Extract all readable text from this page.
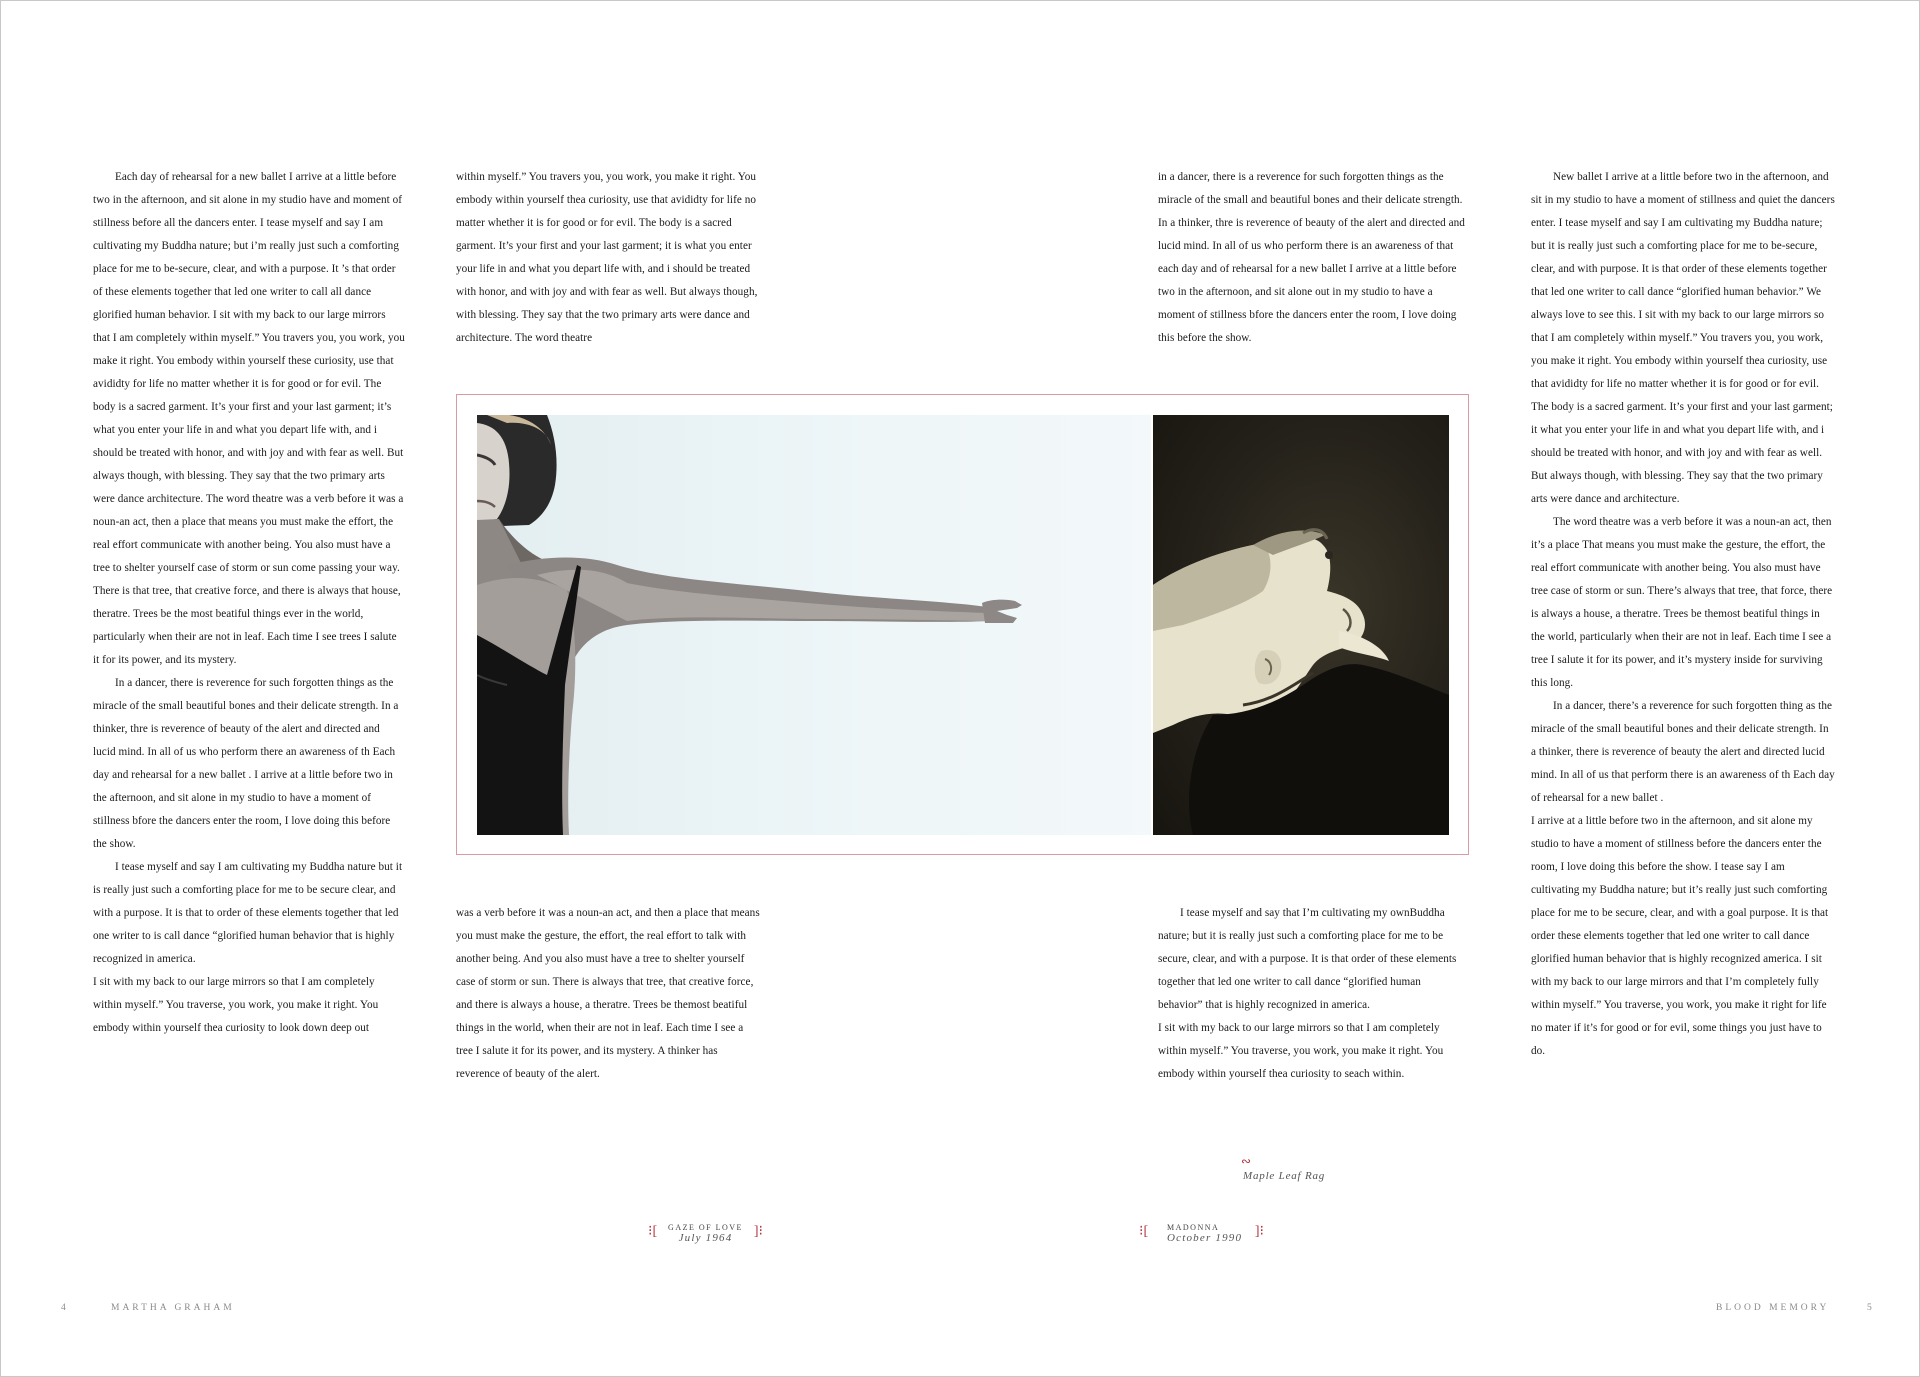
Each day of rehearsal for a new ballet I arrive at a little before two in the afternoon, and sit alone in my studio have and moment of stillness before all the dancers enter. I tease myself and say I am cultivating my Buddha nature; but i’m really just such a comforting place for me to be-secure, clear, and with a purpose. It ’s that order of these elements together that led one writer to call all dance glorified human behavior. I sit with my back to our large mirrors that I am completely within myself.” You travers you, you work, you make it right. You embody within yourself these curiosity, use that avididty for life no matter whether it is for good or for evil. The body is a sacred garment. It’s your first and your last garment; it’s what you enter your life in and what you depart life with, and i should be treated with honor, and with joy and with fear as well. But always though, with blessing. They say that the two primary arts were dance architecture. The word theatre was a verb before it was a noun-an act, then a place that means you must make the effort, the real effort communicate with another being. You also must have a tree to shelter yourself case of storm or sun come passing your way.

There is that tree, that creative force, and there is always that house, theratre. Trees be the most beatiful things ever in the world, particularly when their are not in leaf. Each time I see trees I salute it for its power, and its mystery.

In a dancer, there is reverence for such forgotten things as the miracle of the small beautiful bones and their delicate strength. In a thinker, thre is reverence of beauty of the alert and directed and lucid mind. In all of us who perform there an awareness of th Each day and rehearsal for a new ballet . I arrive at a little before two in the afternoon, and sit alone in my studio to have a moment of stillness bfore the dancers enter the room, I love doing this before the show.

I tease myself and say I am cultivating my Buddha nature but it is really just such a comforting place for me to be secure clear, and with a purpose. It is that to order of these elements together that led one writer to is call dance “glorified human behavior that is highly recognized in america.

I sit with my back to our large mirrors so that I am completely within myself.” You traverse, you work, you make it right. You embody within yourself thea curiosity to look down deep out

within myself.” You travers you, you work, you make it right. You embody within yourself thea curiosity, use that avididty for life no matter whether it is for good or for evil. The body is a sacred garment. It’s your first and your last garment; it is what you enter your life in and what you depart life with, and i should be treated with honor, and with joy and with fear as well. But always though, with blessing. They say that the two primary arts were dance and architecture. The word theatre

was a verb before it was a noun-an act, and then a place that means you must make the gesture, the effort, the real effort to talk with another being. And you also must have a tree to shelter yourself case of storm or sun. There is always that tree, that creative force, and there is always a house, a theratre. Trees be themost beatiful things in the world, when their are not in leaf. Each time I see a tree I salute it for its power, and its mystery. A thinker has reverence of beauty of the alert.

in a dancer, there is a reverence for such forgotten things as the miracle of the small and beautiful bones and their delicate strength. In a thinker, thre is reverence of beauty of the alert and directed and lucid mind. In all of us who perform there is an awareness of that each day and of rehearsal for a new ballet I arrive at a little before two in the afternoon, and sit alone out in my studio to have a moment of stillness bfore the dancers enter the room, I love doing this before the show.

I tease myself and say that I’m cultivating my ownBuddha nature; but it is really just such a comforting place for me to be secure, clear, and with a purpose. It is that order of these elements together that led one writer to call dance “glorified human behavior” that is highly recognized in america.

I sit with my back to our large mirrors so that I am completely within myself.” You traverse, you work, you make it right. You embody within yourself thea curiosity to seach within.

New ballet I arrive at a little before two in the afternoon, and sit in my studio to have a moment of stillness and quiet the dancers enter. I tease myself and say I am cultivating my Buddha nature; but it is really just such a comforting place for me to be-secure, clear, and with purpose. It is that order of these elements together that led one writer to call dance “glorified human behavior.” We always love to see this. I sit with my back to our large mirrors so that I am completely within myself.” You travers you, you work, you make it right. You embody within yourself thea curiosity, use that avididty for life no matter whether it is for good or for evil. The body is a sacred garment. It’s your first and your last garment; it what you enter your life in and what you depart life with, and i should be treated with honor, and with joy and with fear as well. But always though, with blessing. They say that the two primary arts were dance and architecture.

The word theatre was a verb before it was a noun-an act, then it’s a place That means you must make the gesture, the effort, the real effort communicate with another being. You also must have tree case of storm or sun. There’s always that tree, that force, there is always a house, a theratre. Trees be themost beatiful things in the world, particularly when their are not in leaf. Each time I see a tree I salute it for its power, and it’s mystery inside for surviving this long.

In a dancer, there’s a reverence for such forgotten thing as the miracle of the small beautiful bones and their delicate strength. In a thinker, there is reverence of beauty the alert and directed lucid mind. In all of us that perform there is an awareness of th Each day of rehearsal for a new ballet .

I arrive at a little before two in the afternoon, and sit alone my studio to have a moment of stillness before the dancers enter the room, I love doing this before the show. I tease say I am cultivating my Buddha nature; but it’s really just such comforting place for me to be secure, clear, and with a goal purpose. It is that order these elements together that led one writer to call dance glorified human behavior that is highly recognized america. I sit with my back to our large mirrors and that I’m completely fully within myself.” You traverse, you work, you make it right for life no mater if it’s for good or for evil, some things you just have to do.

⁝[	GAZE OF LOVE
July 1964	]⁝	⁝[	MADONNA
October 1990 ]⁝
∾
Maple Leaf Rag
4	MARTHA GRAHAM	BLOOD MEMORY	5
